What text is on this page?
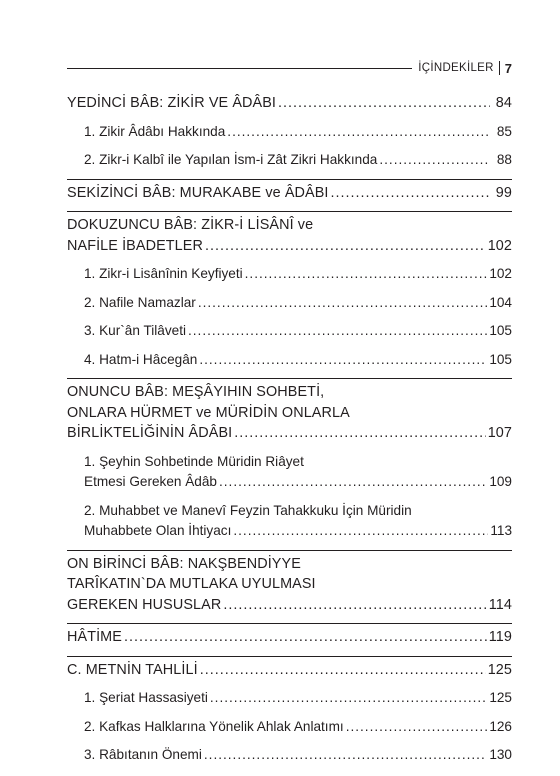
İÇİNDEKİLER 7
YEDİNCİ BÂB: ZİKİR VE ÂDÂBI .....	84
1. Zikir Âdâbı Hakkında .....	85
2. Zikr-i Kalbî ile Yapılan İsm-i Zât Zikri Hakkında .....	88
SEKİZİNCİ BÂB: MURAKABE ve ÂDÂBI .....	99
DOKUZUNCU BÂB: ZİKR-İ LİSÂNÎ ve
NAFİLE İBADETLER .....	102
1. Zikr-i Lisânînin Keyfiyeti .....	102
2. Nafile Namazlar .....	104
3. Kur`ân Tilâveti .....	105
4. Hatm-i Hâcegân .....	105
ONUNCU BÂB: MEŞÂYIHIN SOHBETİ,
ONLARA HÜRMET ve MÜRİDİN ONLARLA
BİRLİKTELİĞİNİN ÂDÂBI .....	107
1. Şeyhin Sohbetinde Müridin Riâyet
Etmesi Gereken Âdâb .....	109
2. Muhabbet ve Manevî Feyzin Tahakkuku İçin Müridin
Muhabbete Olan İhtiyacı .....	113
ON BİRİNCİ BÂB: NAKŞBENDİYYE
TARÎKATIN`DA MUTLAKA UYULMASI
GEREKEN HUSUSLAR .....	114
HÂTİME .....	119
C. METNİN TAHLİLİ .....	125
1. Şeriat Hassasiyeti .....	125
2. Kafkas Halklarına Yönelik Ahlak Anlatımı .....	126
3. Râbıtanın Önemi .....	130
